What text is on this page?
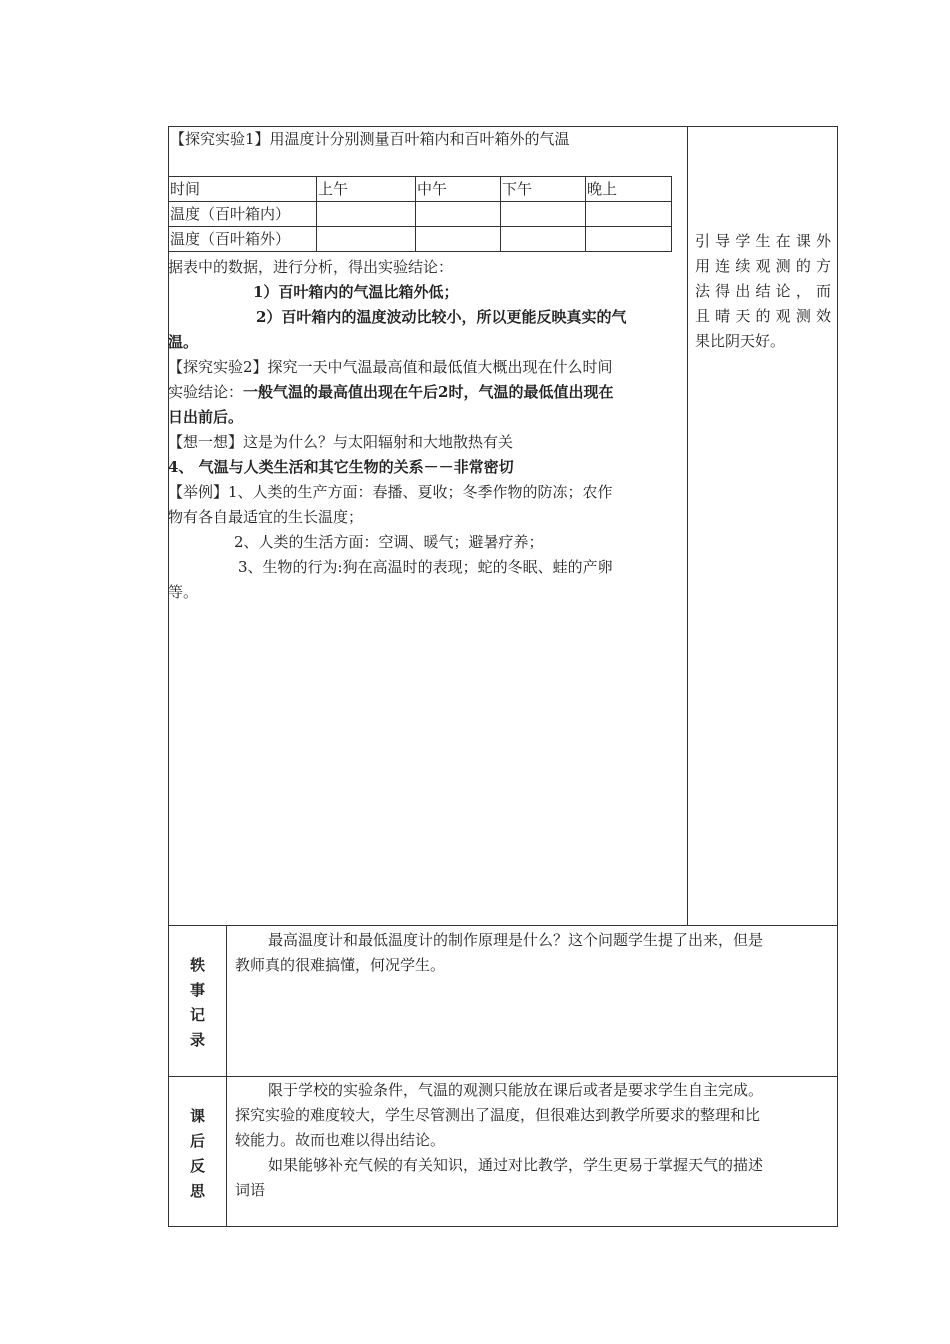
【探究实验1】用温度计分别测量百叶箱内和百叶箱外的气温
时间	上午	中午	下午	晚上
温度（百叶箱内）				
温度（百叶箱外）				
据表中的数据，进行分析，得出实验结论：
1）百叶箱内的气温比箱外低；
2）百叶箱内的温度波动比较小，所以更能反映真实的气
温。
【探究实验2】探究一天中气温最高值和最低值大概出现在什么时间
实验结论：一般气温的最高值出现在午后2时，气温的最低值出现在
日出前后。
【想一想】这是为什么？与太阳辐射和大地散热有关
4、 气温与人类生活和其它生物的关系－－非常密切
【举例】1、人类的生产方面：春播、夏收；冬季作物的防冻；农作
物有各自最适宜的生长温度；
2、人类的生活方面：空调、暖气；避暑疗养；
3、生物的行为:狗在高温时的表现；蛇的冬眠、蛙的产卵
等。
引导学生在课外
用连续观测的方
法得出结论，而
且晴天的观测效
果比阴天好。
轶
事
记
录
最高温度计和最低温度计的制作原理是什么？这个问题学生提了出来，但是
教师真的很难搞懂，何况学生。
课
后
反
思
限于学校的实验条件，气温的观测只能放在课后或者是要求学生自主完成。
探究实验的难度较大，学生尽管测出了温度，但很难达到教学所要求的整理和比
较能力。故而也难以得出结论。
如果能够补充气候的有关知识，通过对比教学，学生更易于掌握天气的描述
词语
